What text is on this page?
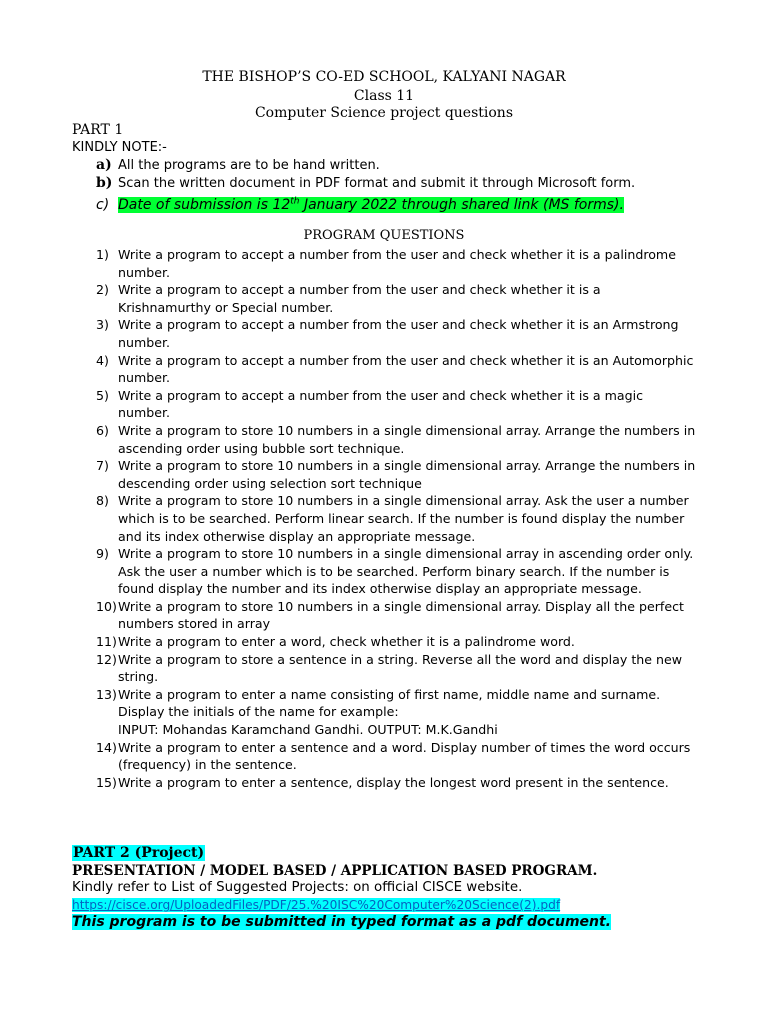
THE BISHOP’S CO-ED SCHOOL, KALYANI NAGAR
Class 11
Computer Science project questions
PART 1
KINDLY NOTE:-
a) All the programs are to be hand written.
b) Scan the written document in PDF format and submit it through Microsoft form.
c) Date of submission is 12th January 2022 through shared link (MS forms).
PROGRAM QUESTIONS
1) Write a program to accept a number from the user and check whether it is a palindrome number.
2) Write a program to accept a number from the user and check whether it is a Krishnamurthy or Special number.
3) Write a program to accept a number from the user and check whether it is an Armstrong number.
4) Write a program to accept a number from the user and check whether it is an Automorphic number.
5) Write a program to accept a number from the user and check whether it is a magic number.
6) Write a program to store 10 numbers in a single dimensional array. Arrange the numbers in ascending order using bubble sort technique.
7) Write a program to store 10 numbers in a single dimensional array. Arrange the numbers in descending order using selection sort technique
8) Write a program to store 10 numbers in a single dimensional array. Ask the user a number which is to be searched. Perform linear search. If the number is found display the number and its index otherwise display an appropriate message.
9) Write a program to store 10 numbers in a single dimensional array in ascending order only. Ask the user a number which is to be searched. Perform binary search. If the number is found display the number and its index otherwise display an appropriate message.
10) Write a program to store 10 numbers in a single dimensional array. Display all the perfect numbers stored in array
11) Write a program to enter a word, check whether it is a palindrome word.
12) Write a program to store a sentence in a string. Reverse all the word and display the new string.
13) Write a program to enter a name consisting of first name, middle name and surname. Display the initials of the name for example:
INPUT: Mohandas Karamchand Gandhi. OUTPUT: M.K.Gandhi
14) Write a program to enter a sentence and a word. Display number of times the word occurs (frequency) in the sentence.
15) Write a program to enter a sentence, display the longest word present in the sentence.
PART 2 (Project)
PRESENTATION / MODEL BASED / APPLICATION BASED PROGRAM.
Kindly refer to List of Suggested Projects: on official CISCE website.
https://cisce.org/UploadedFiles/PDF/25.%20ISC%20Computer%20Science(2).pdf
This program is to be submitted in typed format as a pdf document.
